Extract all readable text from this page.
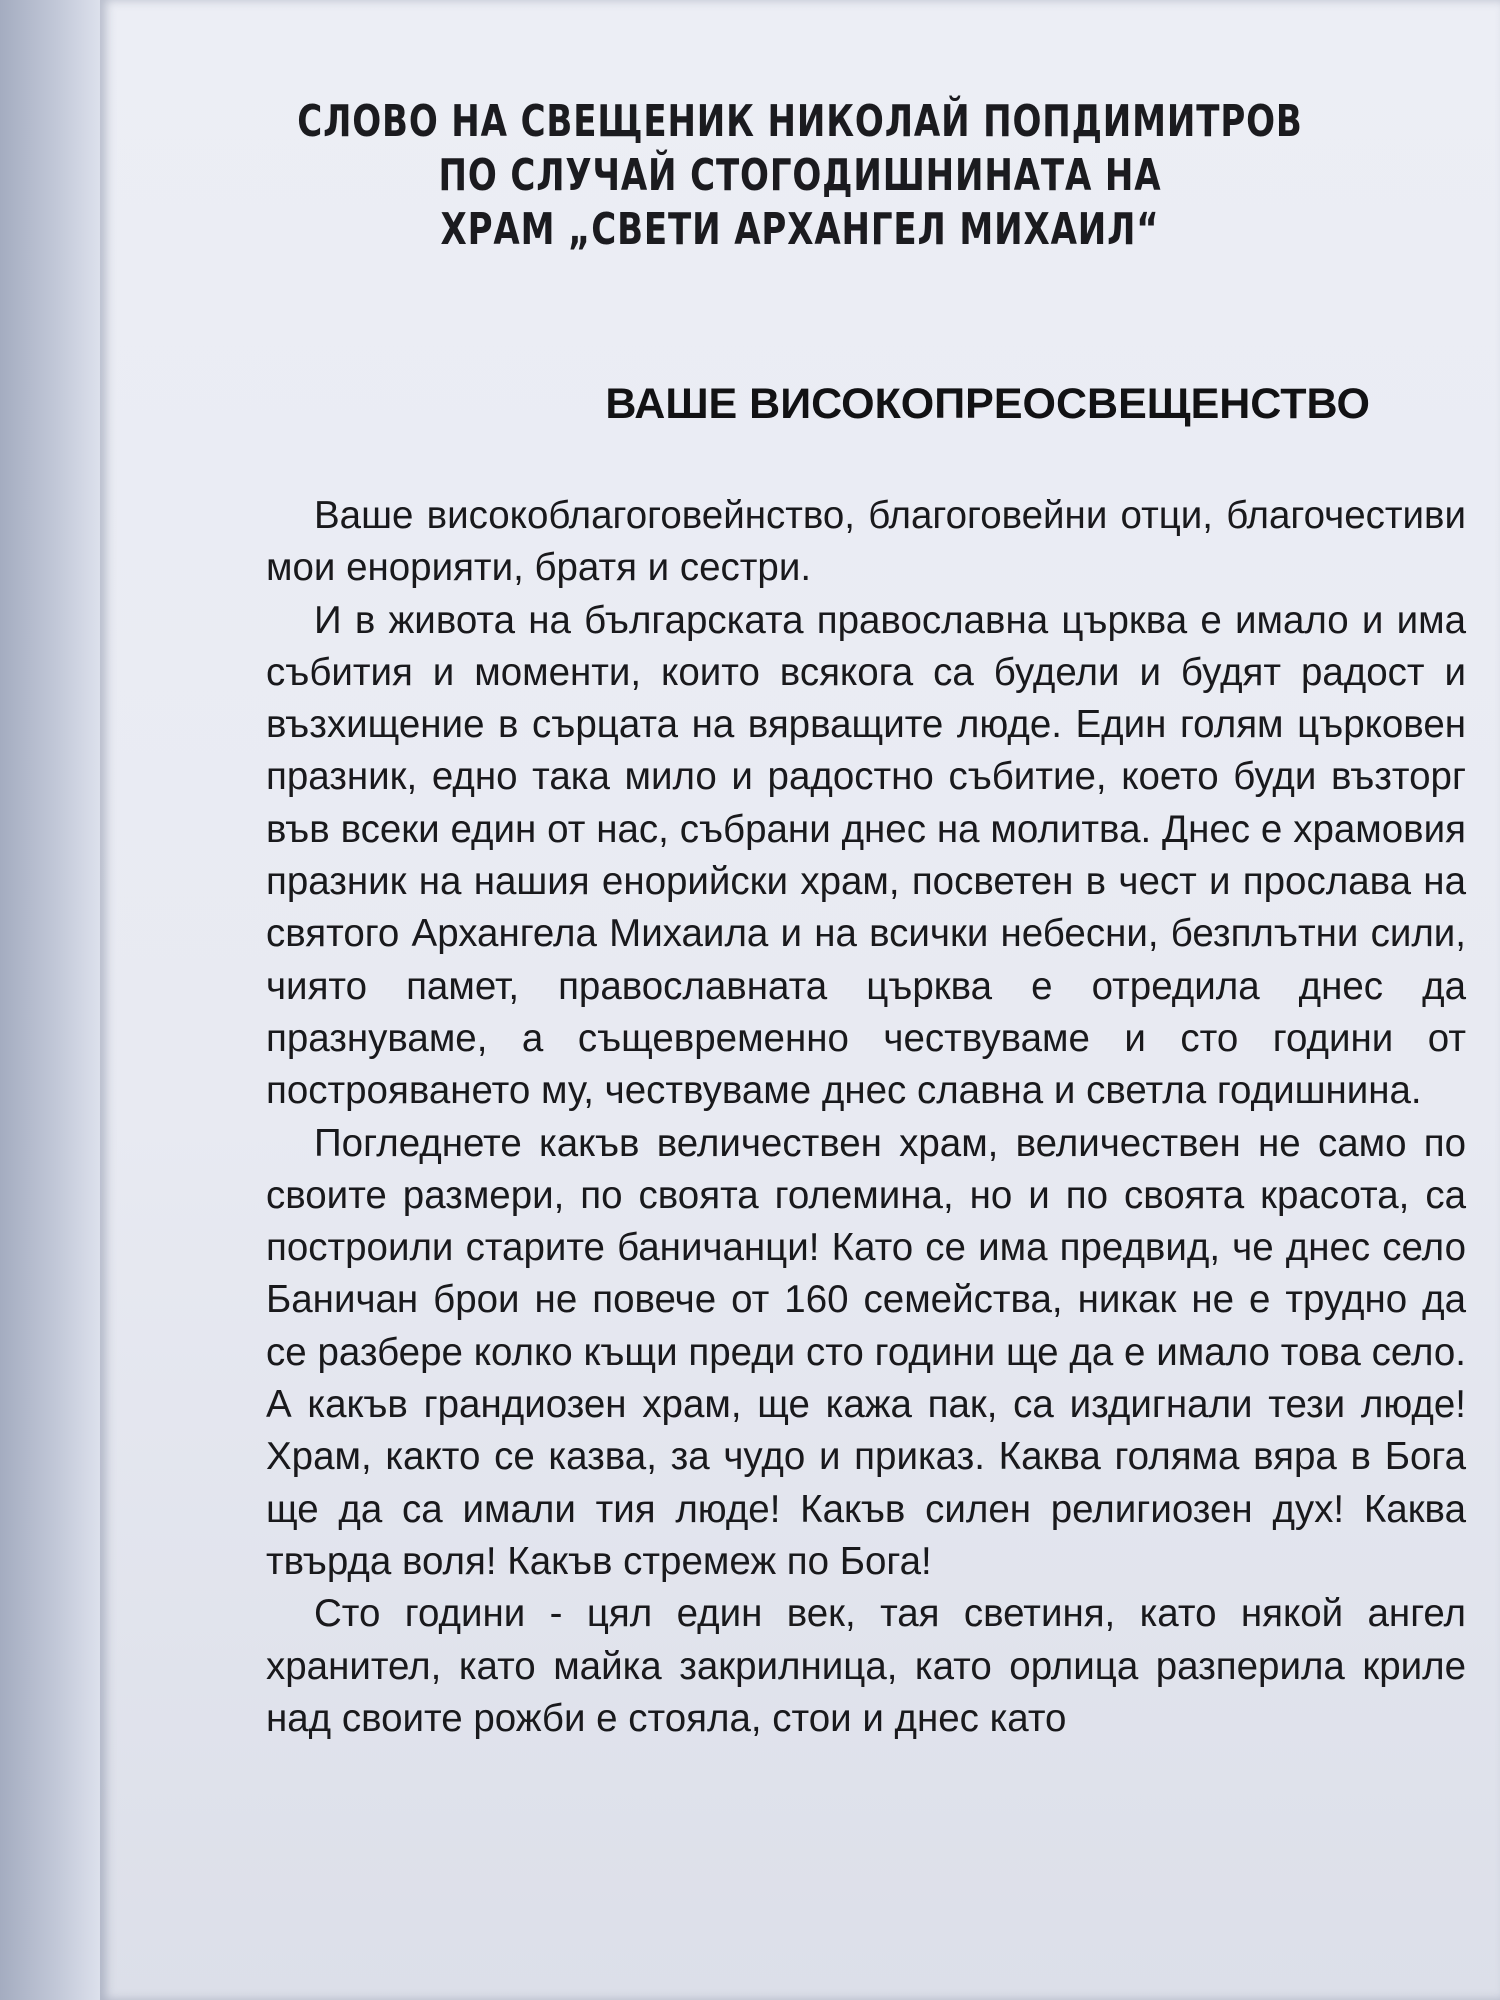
СЛОВО НА СВЕЩЕНИК НИКОЛАЙ ПОПДИМИТРОВ
ПО СЛУЧАЙ СТОГОДИШНИНАТА НА
ХРАМ „СВЕТИ АРХАНГЕЛ МИХАИЛ“
ВАШЕ ВИСОКОПРЕОСВЕЩЕНСТВО

Ваше високоблагоговейнство, благоговейни отци, благочестиви мои енорияти, братя и сестри.

И в живота на българската православна църква е имало и има събития и моменти, които всякога са будели и будят радост и възхищение в сърцата на вярващите люде. Един голям църковен празник, едно така мило и радостно събитие, което буди възторг във всеки един от нас, събрани днес на молитва. Днес е храмовия празник на нашия енорийски храм, посветен в чест и прослава на святого Архангела Михаила и на всички небесни, безплътни сили, чиято памет, православната църква е отредила днес да празнуваме, а същевременно чествуваме и сто години от построяването му, чествуваме днес славна и светла годишнина.

Погледнете какъв величествен храм, величествен не само по своите размери, по своята големина, но и по своята красота, са построили старите баничанци! Като се има предвид, че днес село Баничан брои не повече от 160 семейства, никак не е трудно да се разбере колко къщи преди сто години ще да е имало това село. А какъв грандиозен храм, ще кажа пак, са издигнали тези люде! Храм, както се казва, за чудо и приказ. Каква голяма вяра в Бога ще да са имали тия люде! Какъв силен религиозен дух! Каква твърда воля! Какъв стремеж по Бога!

Сто години - цял един век, тая светиня, като някой ангел хранител, като майка закрилница, като орлица разперила криле над своите рожби е стояла, стои и днес като
